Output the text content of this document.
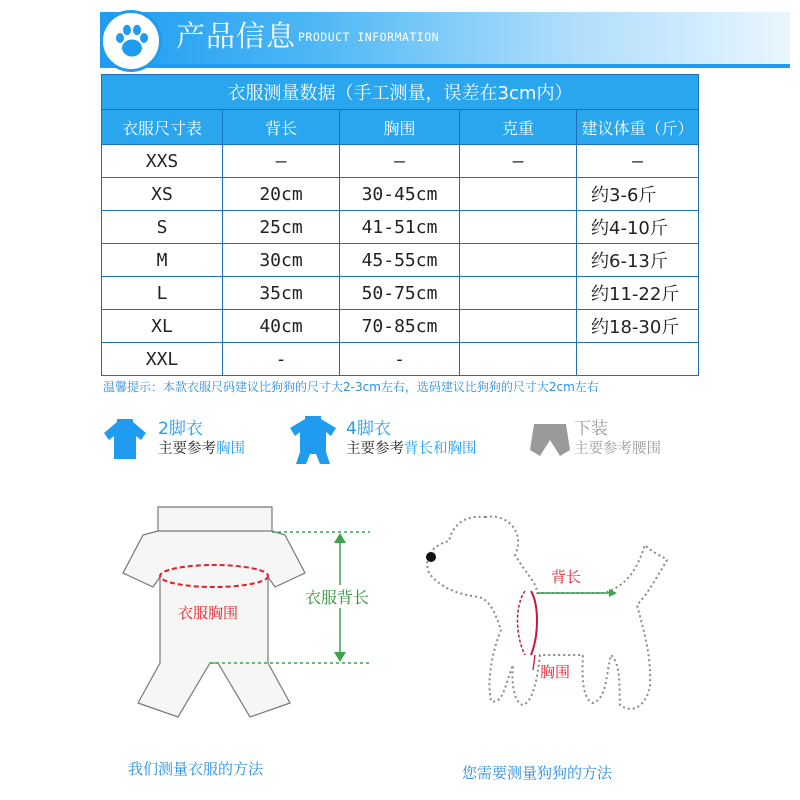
产品信息 PRODUCT INFORMATION
衣服测量数据（手工测量，误差在3cm内）				
衣服尺寸表	背长	胸围	克重	建议体重（斤）
XXS	—	—	—	—
XS	20cm	30-45cm		约3-6斤
S	25cm	41-51cm		约4-10斤
M	30cm	45-55cm		约6-13斤
L	35cm	50-75cm		约11-22斤
XL	40cm	70-85cm		约18-30斤
XXL	-	-		
温馨提示：本款衣服尺码建议比狗狗的尺寸大2-3cm左右，选码建议比狗狗的尺寸大2cm左右
2脚衣
主要参考胸围
4脚衣
主要参考背长和胸围
下装
主要参考腰围
衣服胸围
衣服背长
我们测量衣服的方法
背长
胸围
您需要测量狗狗的方法
